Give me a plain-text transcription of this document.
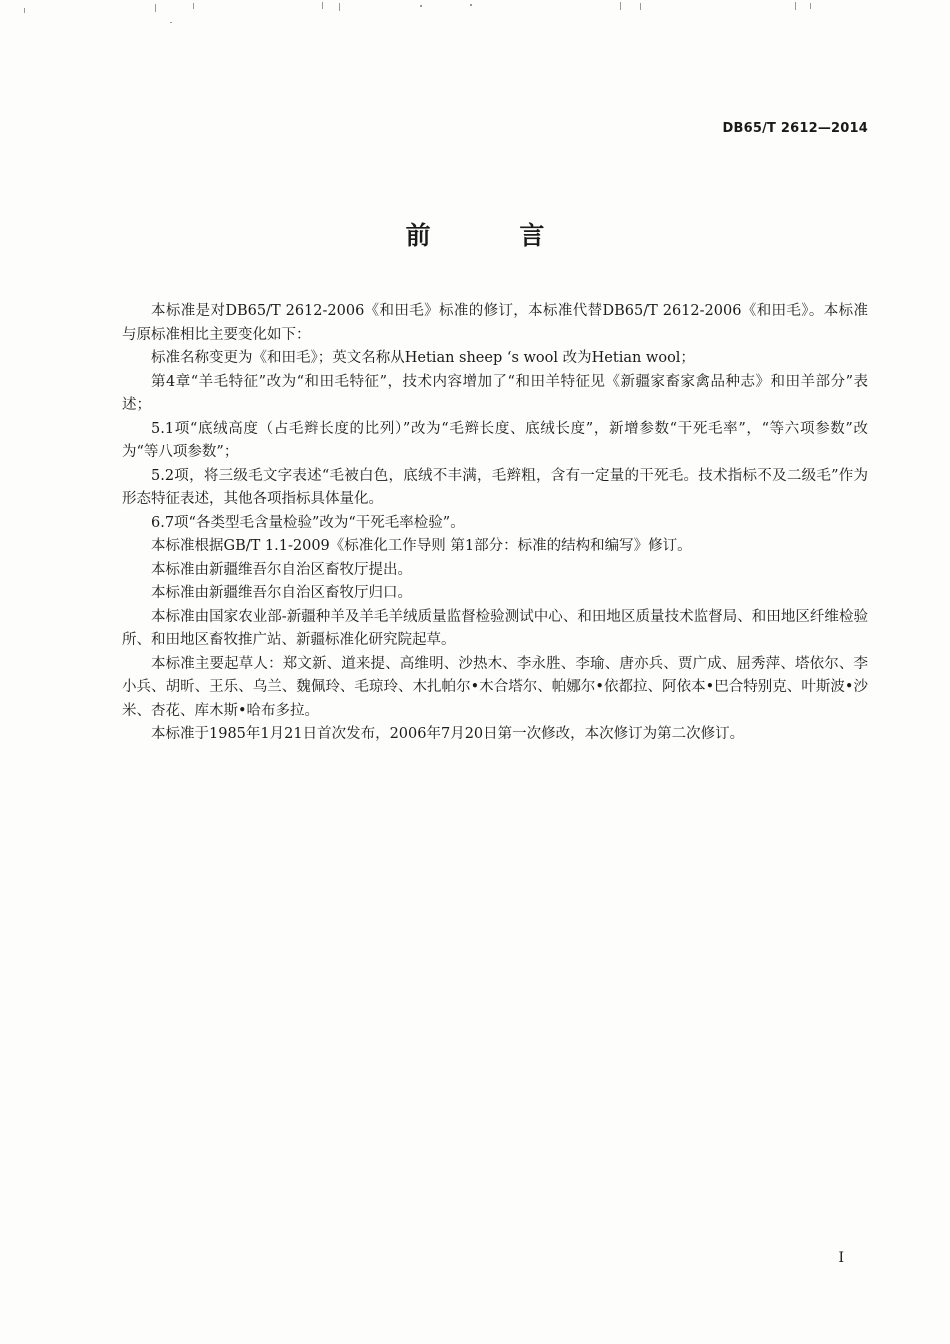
DB65/T 2612—2014
前 言

本标准是对DB65/T 2612-2006《和田毛》标准的修订，本标准代替DB65/T 2612-2006《和田毛》。本标准与原标准相比主要变化如下：

标准名称变更为《和田毛》；英文名称从Hetian sheep ‘s wool 改为Hetian wool；

第4章“羊毛特征”改为“和田毛特征”，技术内容增加了“和田羊特征见《新疆家畜家禽品种志》和田羊部分”表述；

5.1项“底绒高度（占毛辫长度的比列）”改为“毛辫长度、底绒长度”，新增参数“干死毛率”，“等六项参数”改为“等八项参数”；

5.2项，将三级毛文字表述“毛被白色，底绒不丰满，毛辫粗，含有一定量的干死毛。技术指标不及二级毛”作为形态特征表述，其他各项指标具体量化。

6.7项“各类型毛含量检验”改为“干死毛率检验”。

本标准根据GB/T 1.1-2009《标准化工作导则 第1部分：标准的结构和编写》修订。

本标准由新疆维吾尔自治区畜牧厅提出。

本标准由新疆维吾尔自治区畜牧厅归口。

本标准由国家农业部-新疆种羊及羊毛羊绒质量监督检验测试中心、和田地区质量技术监督局、和田地区纤维检验所、和田地区畜牧推广站、新疆标准化研究院起草。

本标准主要起草人：郑文新、道来提、高维明、沙热木、李永胜、李瑜、唐亦兵、贾广成、屈秀萍、塔依尔、李小兵、胡昕、王乐、乌兰、魏佩玲、毛琼玲、木扎帕尔•木合塔尔、帕娜尔•依都拉、阿依本•巴合特别克、叶斯波•沙米、杏花、库木斯•哈布多拉。

本标准于1985年1月21日首次发布，2006年7月20日第一次修改，本次修订为第二次修订。

I
